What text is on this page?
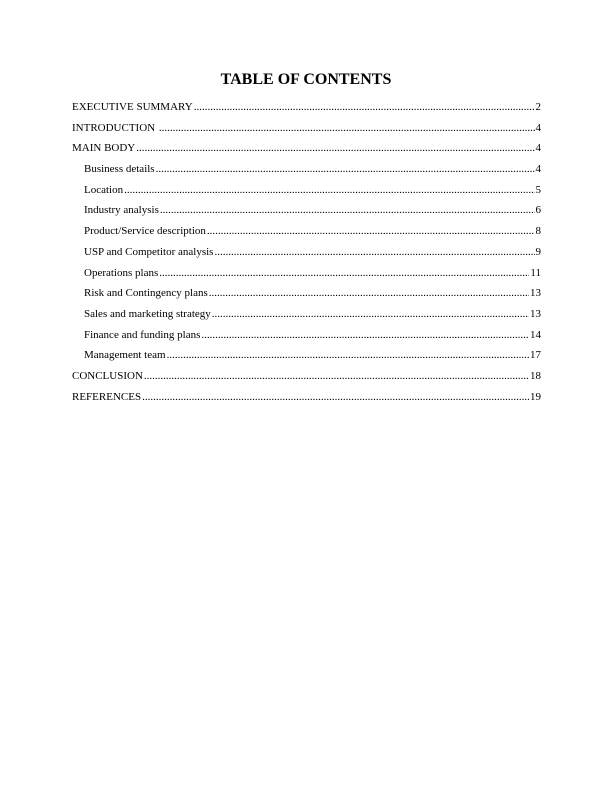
TABLE OF CONTENTS
EXECUTIVE SUMMARY .....	2
INTRODUCTION .....	4
MAIN BODY .....	4
Business details .....	4
Location .....	5
Industry analysis .....	6
Product/Service description .....	8
USP and Competitor analysis .....	9
Operations plans .....	11
Risk and Contingency plans .....	13
Sales and marketing strategy .....	13
Finance and funding plans .....	14
Management team .....	17
CONCLUSION .....	18
REFERENCES .....	19
